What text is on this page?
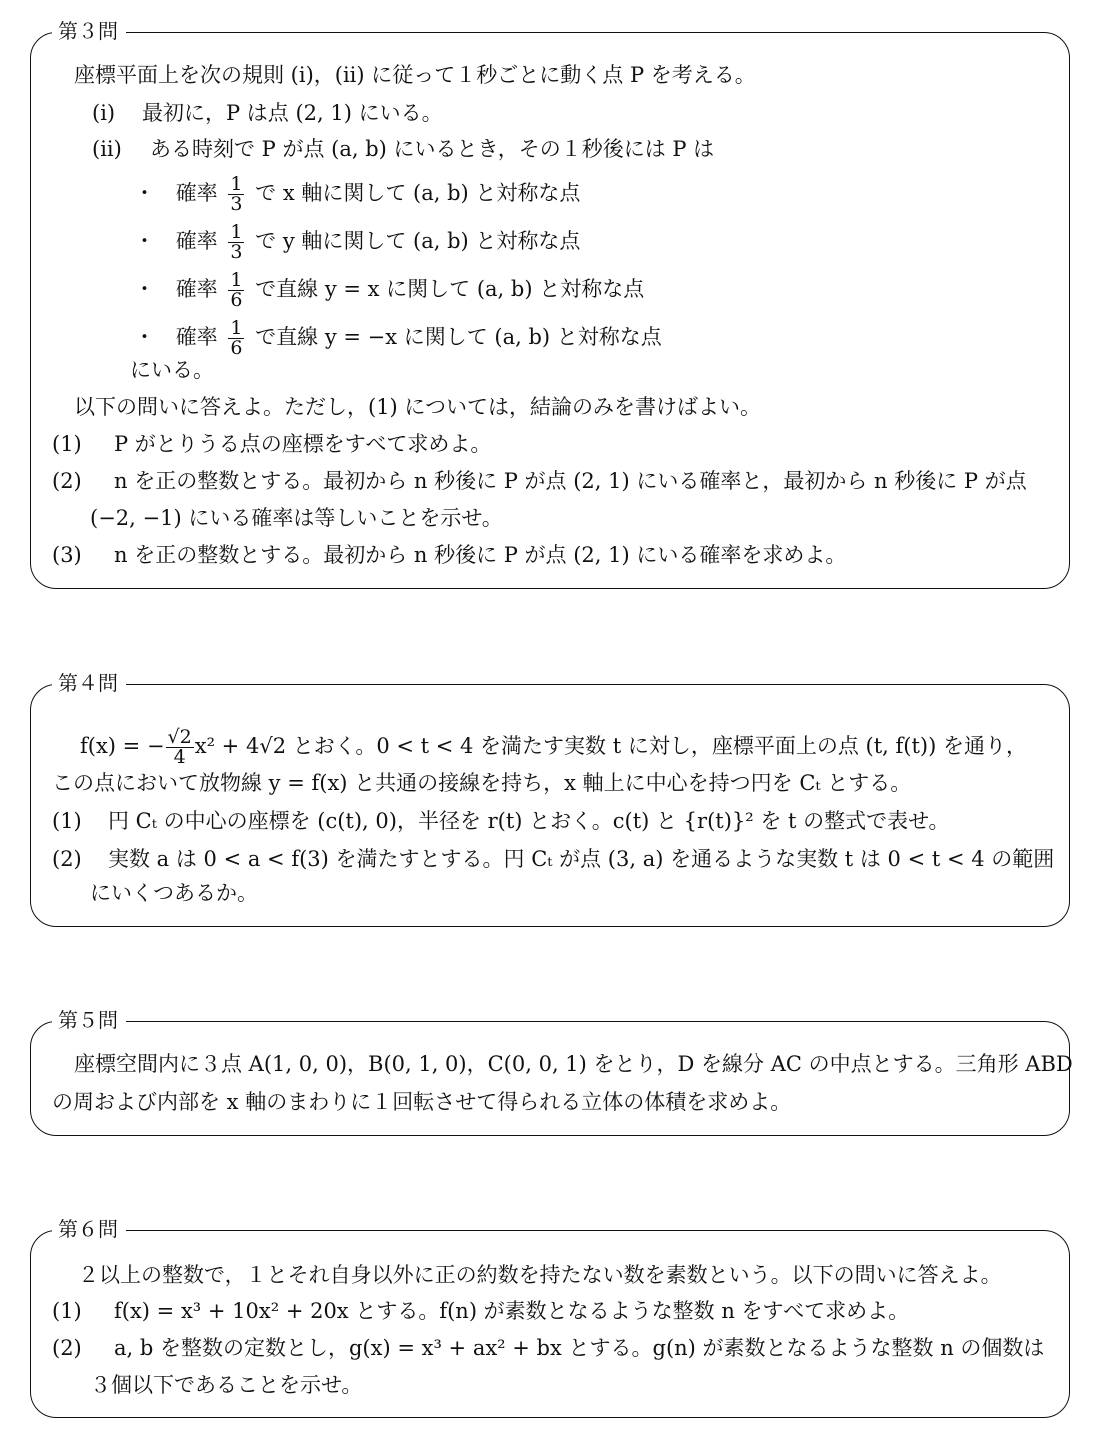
第３問
座標平面上を次の規則 (i)，(ii) に従って１秒ごとに動く点 P を考える。
(i) 最初に，P は点 (2, 1) にいる。
(ii) ある時刻で P が点 (a, b) にいるとき，その１秒後には P は
・ 確率 $\frac{1}{3}$ で x 軸に関して (a, b) と対称な点
・ 確率 $\frac{1}{3}$ で y 軸に関して (a, b) と対称な点
・ 確率 $\frac{1}{6}$ で直線 y = x に関して (a, b) と対称な点
・ 確率 $\frac{1}{6}$ で直線 y = −x に関して (a, b) と対称な点
にいる。
以下の問いに答えよ。ただし，(1) については，結論のみを書けばよい。
(1) P がとりうる点の座標をすべて求めよ。
(2) n を正の整数とする。最初から n 秒後に P が点 (2, 1) にいる確率と，最初から n 秒後に P が点
(−2, −1) にいる確率は等しいことを示せ。
(3) n を正の整数とする。最初から n 秒後に P が点 (2, 1) にいる確率を求めよ。
第４問
f(x) = − $\frac{√2}{4} x^2 + 4√2$ とおく。0 < t < 4 を満たす実数 t に対し，座標平面上の点 (t, f(t)) を通り，
この点において放物線 y = f(x) と共通の接線を持ち，x 軸上に中心を持つ円を Cₜ とする。
(1) 円 Cₜ の中心の座標を (c(t), 0)，半径を r(t) とおく。c(t) と {r(t)}² を t の整式で表せ。
(2) 実数 a は 0 < a < f(3) を満たすとする。円 Cₜ が点 (3, a) を通るような実数 t は 0 < t < 4 の範囲
にいくつあるか。
第５問
座標空間内に３点 A(1, 0, 0)，B(0, 1, 0)，C(0, 0, 1) をとり，D を線分 AC の中点とする。三角形 ABD
の周および内部を x 軸のまわりに１回転させて得られる立体の体積を求めよ。
第６問
２以上の整数で，１とそれ自身以外に正の約数を持たない数を素数という。以下の問いに答えよ。
(1) f(x) = x³ + 10x² + 20x とする。f(n) が素数となるような整数 n をすべて求めよ。
(2) a, b を整数の定数とし，g(x) = x³ + ax² + bx とする。g(n) が素数となるような整数 n の個数は
３個以下であることを示せ。
